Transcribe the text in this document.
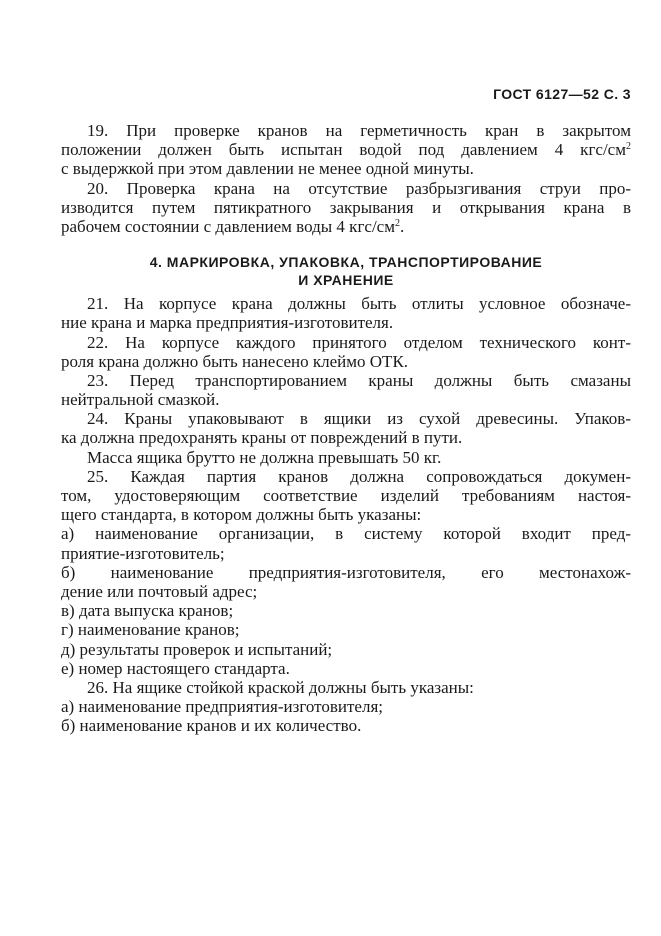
ГОСТ 6127—52 С. 3
19. При проверке кранов на герметичность кран в закрытом
положении должен быть испытан водой под давлением 4 кгс/$см^2$
с выдержкой при этом давлении не менее одной минуты.
20. Проверка крана на отсутствие разбрызгивания струи про-
изводится путем пятикратного закрывания и открывания крана в
рабочем состоянии с давлением воды 4 кгс/$см^2$.
4. МАРКИРОВКА, УПАКОВКА, ТРАНСПОРТИРОВАНИЕ
И ХРАНЕНИЕ
21. На корпусе крана должны быть отлиты условное обозначе-
ние крана и марка предприятия-изготовителя.
22. На корпусе каждого принятого отделом технического конт-
роля крана должно быть нанесено клеймо ОТК.
23. Перед транспортированием краны должны быть смазаны
нейтральной смазкой.
24. Краны упаковывают в ящики из сухой древесины. Упаков-
ка должна предохранять краны от повреждений в пути.
Масса ящика брутто не должна превышать 50 кг.
25. Каждая партия кранов должна сопровождаться докумен-
том, удостоверяющим соответствие изделий требованиям настоя-
щего стандарта, в котором должны быть указаны:
а) наименование организации, в систему которой входит пред-
приятие-изготовитель;
б) наименование предприятия-изготовителя, его местонахож-
дение или почтовый адрес;
в) дата выпуска кранов;
г) наименование кранов;
д) результаты проверок и испытаний;
е) номер настоящего стандарта.
26. На ящике стойкой краской должны быть указаны:
а) наименование предприятия-изготовителя;
б) наименование кранов и их количество.
